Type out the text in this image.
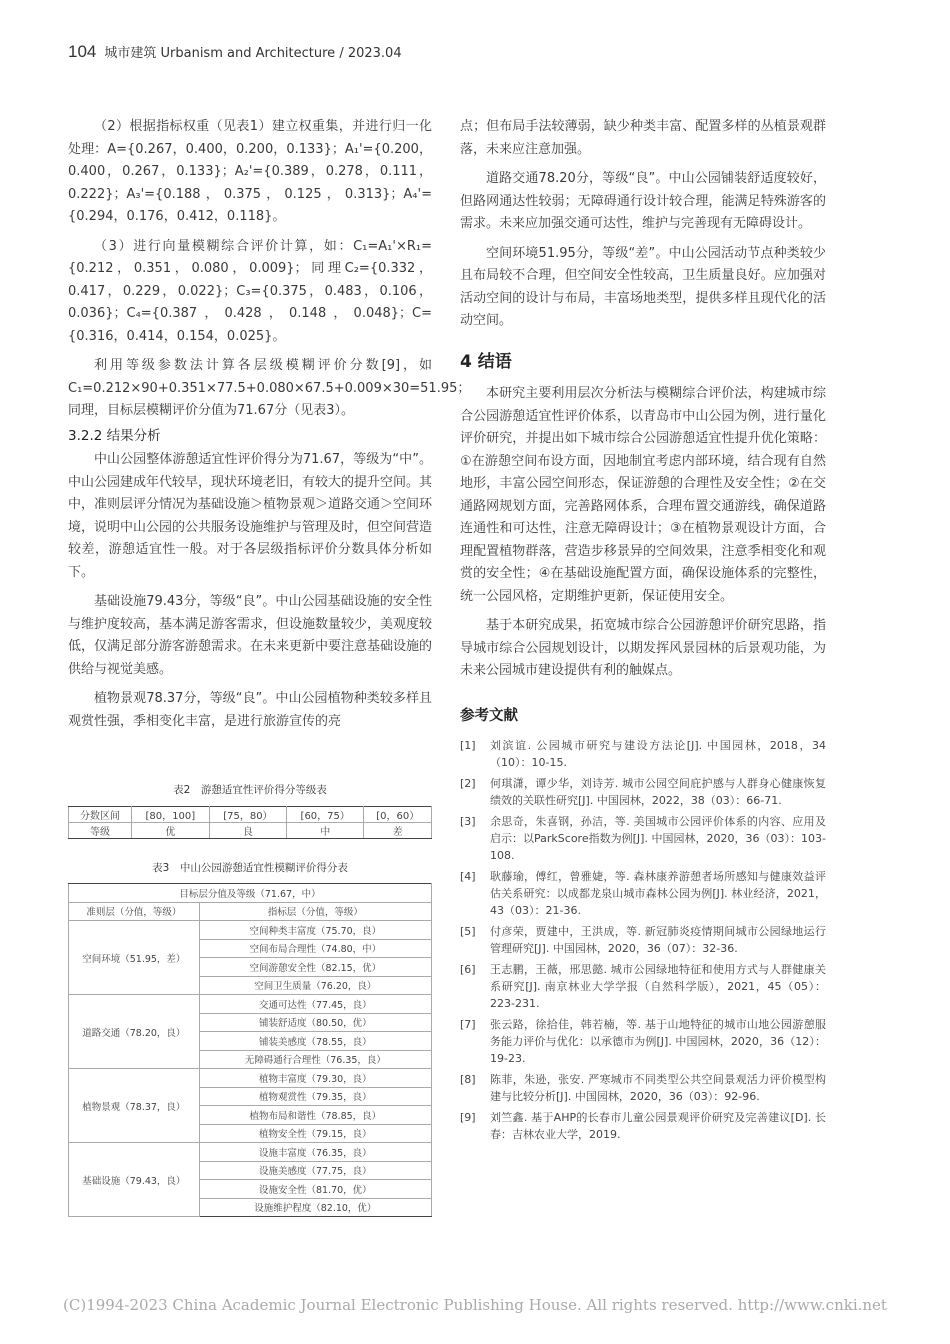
104 城市建筑 Urbanism and Architecture / 2023.04

（2）根据指标权重（见表1）建立权重集，并进行归一化处理：A={0.267，0.400，0.200，0.133}；A₁'={0.200，0.400，0.267，0.133}；A₂'={0.389，0.278，0.111，0.222}；A₃'={0.188，0.375，0.125，0.313}；A₄'={0.294，0.176，0.412，0.118}。

（3）进行向量模糊综合评价计算，如：C₁=A₁'×R₁={0.212，0.351，0.080，0.009}；同理C₂={0.332，0.417，0.229，0.022}；C₃={0.375，0.483，0.106，0.036}；C₄={0.387，0.428，0.148，0.048}；C={0.316，0.414，0.154，0.025}。

利用等级参数法计算各层级模糊评价分数[9]，如C₁=0.212×90+0.351×77.5+0.080×67.5+0.009×30=51.95；同理，目标层模糊评价分值为71.67分（见表3）。

3.2.2 结果分析

中山公园整体游憩适宜性评价得分为71.67，等级为“中”。中山公园建成年代较早，现状环境老旧，有较大的提升空间。其中，准则层评分情况为基础设施＞植物景观＞道路交通＞空间环境，说明中山公园的公共服务设施维护与管理及时，但空间营造较差，游憩适宜性一般。对于各层级指标评价分数具体分析如下。

基础设施79.43分，等级“良”。中山公园基础设施的安全性与维护度较高，基本满足游客需求，但设施数量较少，美观度较低，仅满足部分游客游憩需求。在未来更新中要注意基础设施的供给与视觉美感。

植物景观78.37分，等级“良”。中山公园植物种类较多样且观赏性强，季相变化丰富，是进行旅游宣传的亮

表2　游憩适宜性评价得分等级表
分数区间	[80，100]	[75，80）	[60，75）	[0，60）
等级	优	良	中	差
表3　中山公园游憩适宜性模糊评价得分表
目标层分值及等级（71.67，中）	
准则层（分值，等级）	指标层（分值，等级）
空间环境（51.95，差）	空间种类丰富度（75.70，良）
	空间布局合理性（74.80，中）
	空间游憩安全性（82.15，优）
	空间卫生质量（76.20，良）
道路交通（78.20，良）	交通可达性（77.45，良）
	铺装舒适度（80.50，优）
	铺装美感度（78.55，良）
	无障碍通行合理性（76.35，良）
植物景观（78.37，良）	植物丰富度（79.30，良）
	植物观赏性（79.35，良）
	植物布局和谐性（78.85，良）
	植物安全性（79.15，良）
基础设施（79.43，良）	设施丰富度（76.35，良）
	设施美感度（77.75，良）
	设施安全性（81.70，优）
	设施维护程度（82.10，优）

点；但布局手法较薄弱，缺少种类丰富、配置多样的丛植景观群落，未来应注意加强。

道路交通78.20分，等级“良”。中山公园铺装舒适度较好，但路网通达性较弱；无障碍通行设计较合理，能满足特殊游客的需求。未来应加强交通可达性，维护与完善现有无障碍设计。

空间环境51.95分，等级“差”。中山公园活动节点种类较少且布局较不合理，但空间安全性较高，卫生质量良好。应加强对活动空间的设计与布局，丰富场地类型，提供多样且现代化的活动空间。

4 结语

本研究主要利用层次分析法与模糊综合评价法，构建城市综合公园游憩适宜性评价体系，以青岛市中山公园为例，进行量化评价研究，并提出如下城市综合公园游憩适宜性提升优化策略：①在游憩空间布设方面，因地制宜考虑内部环境，结合现有自然地形，丰富公园空间形态，保证游憩的合理性及安全性；②在交通路网规划方面，完善路网体系，合理布置交通游线，确保道路连通性和可达性，注意无障碍设计；③在植物景观设计方面，合理配置植物群落，营造步移景异的空间效果，注意季相变化和观赏的安全性；④在基础设施配置方面，确保设施体系的完整性，统一公园风格，定期维护更新，保证使用安全。

基于本研究成果，拓宽城市综合公园游憩评价研究思路，指导城市综合公园规划设计，以期发挥风景园林的后景观功能，为未来公园城市建设提供有利的触媒点。

参考文献
[1]	刘滨谊. 公园城市研究与建设方法论[J]. 中国园林，2018，34（10）：10-15.
[2]	何琪潇，谭少华，刘诗芳. 城市公园空间庇护感与人群身心健康恢复绩效的关联性研究[J]. 中国园林，2022，38（03）：66-71.
[3]	余思奇，朱喜钢，孙洁，等. 美国城市公园评价体系的内容、应用及启示：以ParkScore指数为例[J]. 中国园林，2020，36（03）：103-108.
[4]	耿藤瑜，傅红，曾雅婕，等. 森林康养游憩者场所感知与健康效益评估关系研究：以成都龙泉山城市森林公园为例[J]. 林业经济，2021，43（03）：21-36.
[5]	付彦荣，贾建中，王洪成，等. 新冠肺炎疫情期间城市公园绿地运行管理研究[J]. 中国园林，2020，36（07）：32-36.
[6]	王志鹏，王薇，邢思懿. 城市公园绿地特征和使用方式与人群健康关系研究[J]. 南京林业大学学报（自然科学版），2021，45（05）：223-231.
[7]	张云路，徐拾佳，韩若楠，等. 基于山地特征的城市山地公园游憩服务能力评价与优化：以承德市为例[J]. 中国园林，2020，36（12）：19-23.
[8]	陈菲，朱逊，张安. 严寒城市不同类型公共空间景观活力评价模型构建与比较分析[J]. 中国园林，2020，36（03）：92-96.
[9]	刘竺鑫. 基于AHP的长春市儿童公园景观评价研究及完善建议[D]. 长春：吉林农业大学，2019.
(C)1994-2023 China Academic Journal Electronic Publishing House. All rights reserved. http://www.cnki.net
